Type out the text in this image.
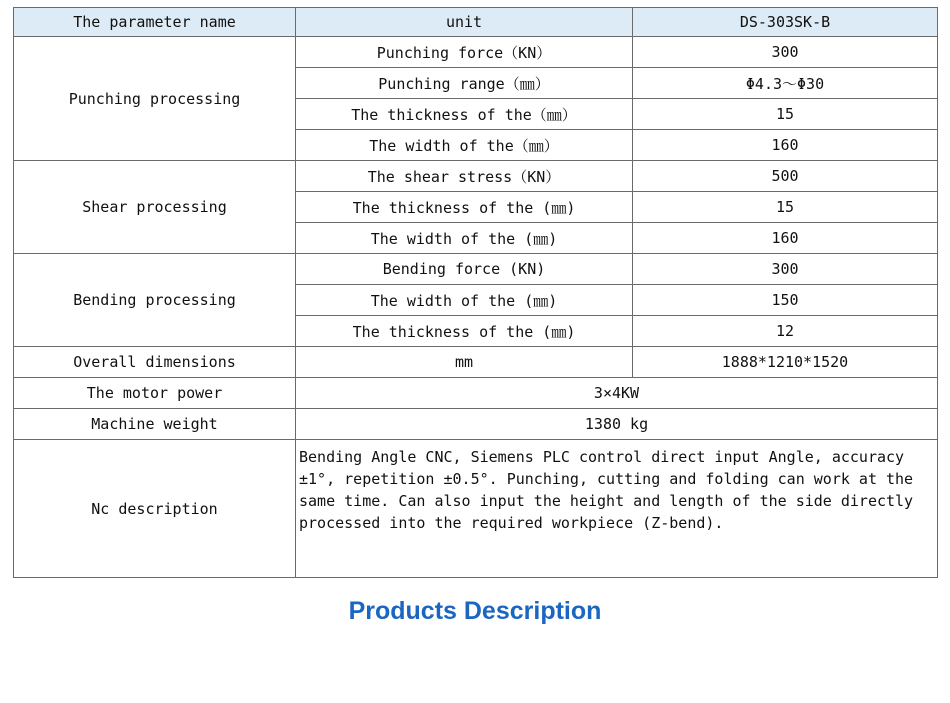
The parameter name	unit	DS-303SK-B
Punching processing	Punching force（KN）	300
	Punching range（㎜）	Φ4.3～Φ30
	The thickness of the（㎜）	15
	The width of the（㎜）	160
Shear processing	The shear stress（KN）	500
	The thickness of the (㎜)	15
	The width of the (㎜)	160
Bending processing	Bending force (KN)	300
	The width of the (㎜)	150
	The thickness of the (㎜)	12
Overall dimensions	mm	1888*1210*1520
The motor power	3×4KW	
Machine weight	1380 kg	
Nc description	Bending Angle CNC, Siemens PLC control direct input Angle, accuracy ±1°, repetition ±0.5°. Punching, cutting and folding can work at the same time. Can also input the height and length of the side directly processed into the required workpiece (Z-bend).	
Products Description
